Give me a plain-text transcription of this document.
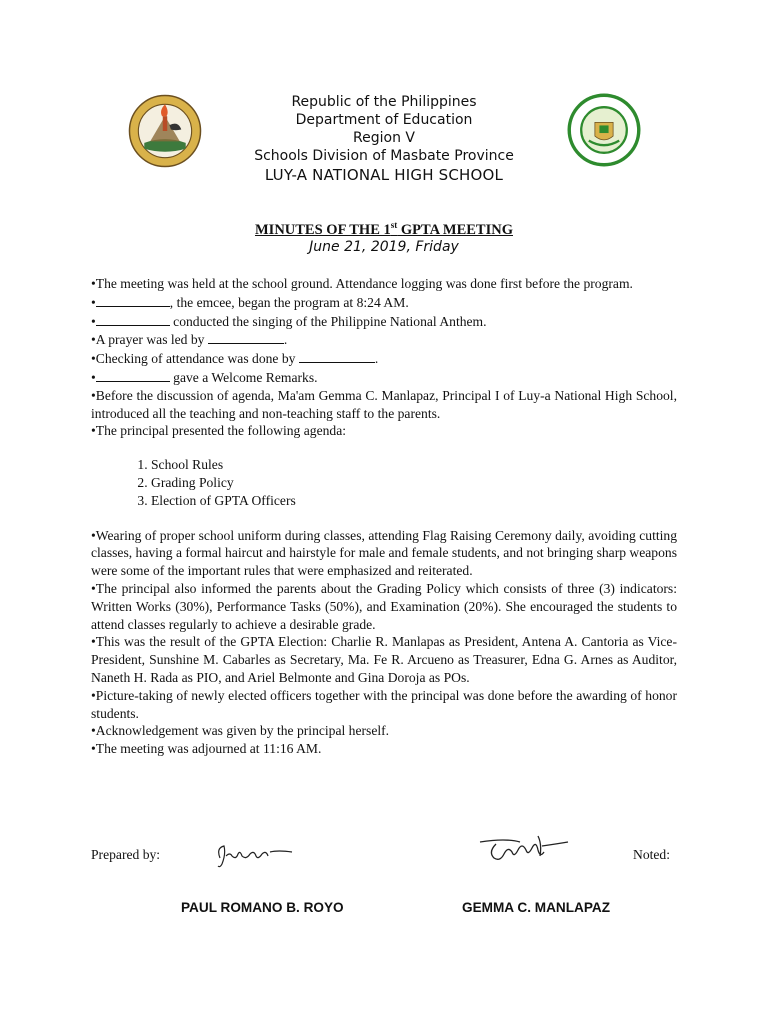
Republic of the Philippines
Department of Education
Region V
Schools Division of Masbate Province
LUY-A NATIONAL HIGH SCHOOL
MINUTES OF THE 1st GPTA MEETING
June 21, 2019, Friday

•The meeting was held at the school ground. Attendance logging was done first before the program.

•	, the emcee, began the program at 8:24 AM.

•	conducted the singing of the Philippine National Anthem.

•A prayer was led by	.

•Checking of attendance was done by	.

•	gave a Welcome Remarks.

•Before the discussion of agenda, Ma'am Gemma C. Manlapaz, Principal I of Luy-a National High School, introduced all the teaching and non-teaching staff to the parents.

•The principal presented the following agenda:

1. School Rules
2. Grading Policy
3. Election of GPTA Officers

•Wearing of proper school uniform during classes, attending Flag Raising Ceremony daily, avoiding cutting classes, having a formal haircut and hairstyle for male and female students, and not bringing sharp weapons were some of the important rules that were emphasized and reiterated.

•The principal also informed the parents about the Grading Policy which consists of three (3) indicators: Written Works (30%), Performance Tasks (50%), and Examination (20%). She encouraged the students to attend classes regularly to achieve a desirable grade.

•This was the result of the GPTA Election: Charlie R. Manlapas as President, Antena A. Cantoria as Vice-President, Sunshine M. Cabarles as Secretary, Ma. Fe R. Arcueno as Treasurer, Edna G. Arnes as Auditor, Naneth H. Rada as PIO, and Ariel Belmonte and Gina Doroja as POs.

•Picture-taking of newly elected officers together with the principal was done before the awarding of honor students.

•Acknowledgement was given by the principal herself.

•The meeting was adjourned at 11:16 AM.

Prepared by:	Noted:
PAUL ROMANO B. ROYO	GEMMA C. MANLAPAZ
